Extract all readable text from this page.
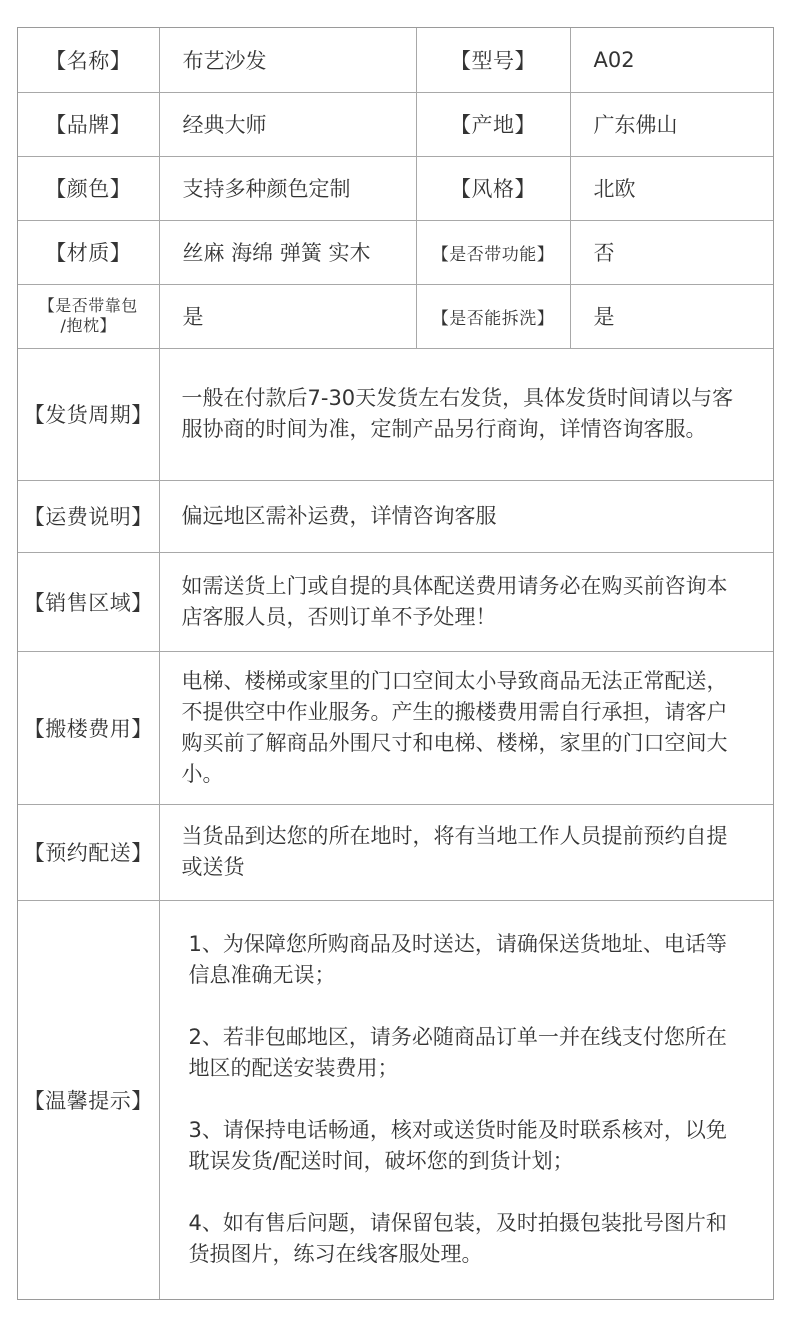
【名称】	布艺沙发	【型号】	A02
【品牌】	经典大师	【产地】	广东佛山
【颜色】	支持多种颜色定制	【风格】	北欧
【材质】	丝麻 海绵 弹簧 实木	【是否带功能】	否

【是否带靠包
/抱枕】	是	【是否能拆洗】	是
【发货周期】	一般在付款后7-30天发货左右发货，具体发货时间请以与客服协商的时间为准，定制产品另行商询，详情咨询客服。		
【运费说明】	偏远地区需补运费，详情咨询客服		
【销售区域】	如需送货上门或自提的具体配送费用请务必在购买前咨询本店客服人员，否则订单不予处理！		
【搬楼费用】	电梯、楼梯或家里的门口空间太小导致商品无法正常配送，不提供空中作业服务。产生的搬楼费用需自行承担，请客户购买前了解商品外围尺寸和电梯、楼梯，家里的门口空间大小。		
【预约配送】	当货品到达您的所在地时，将有当地工作人员提前预约自提或送货		
【温馨提示】	1、为保障您所购商品及时送达，请确保送货地址、电话等信息准确无误；

2、若非包邮地区，请务必随商品订单一并在线支付您所在地区的配送安装费用；

3、请保持电话畅通，核对或送货时能及时联系核对，以免耽误发货/配送时间，破坏您的到货计划；

4、如有售后问题，请保留包装，及时拍摄包装批号图片和货损图片，练习在线客服处理。		
